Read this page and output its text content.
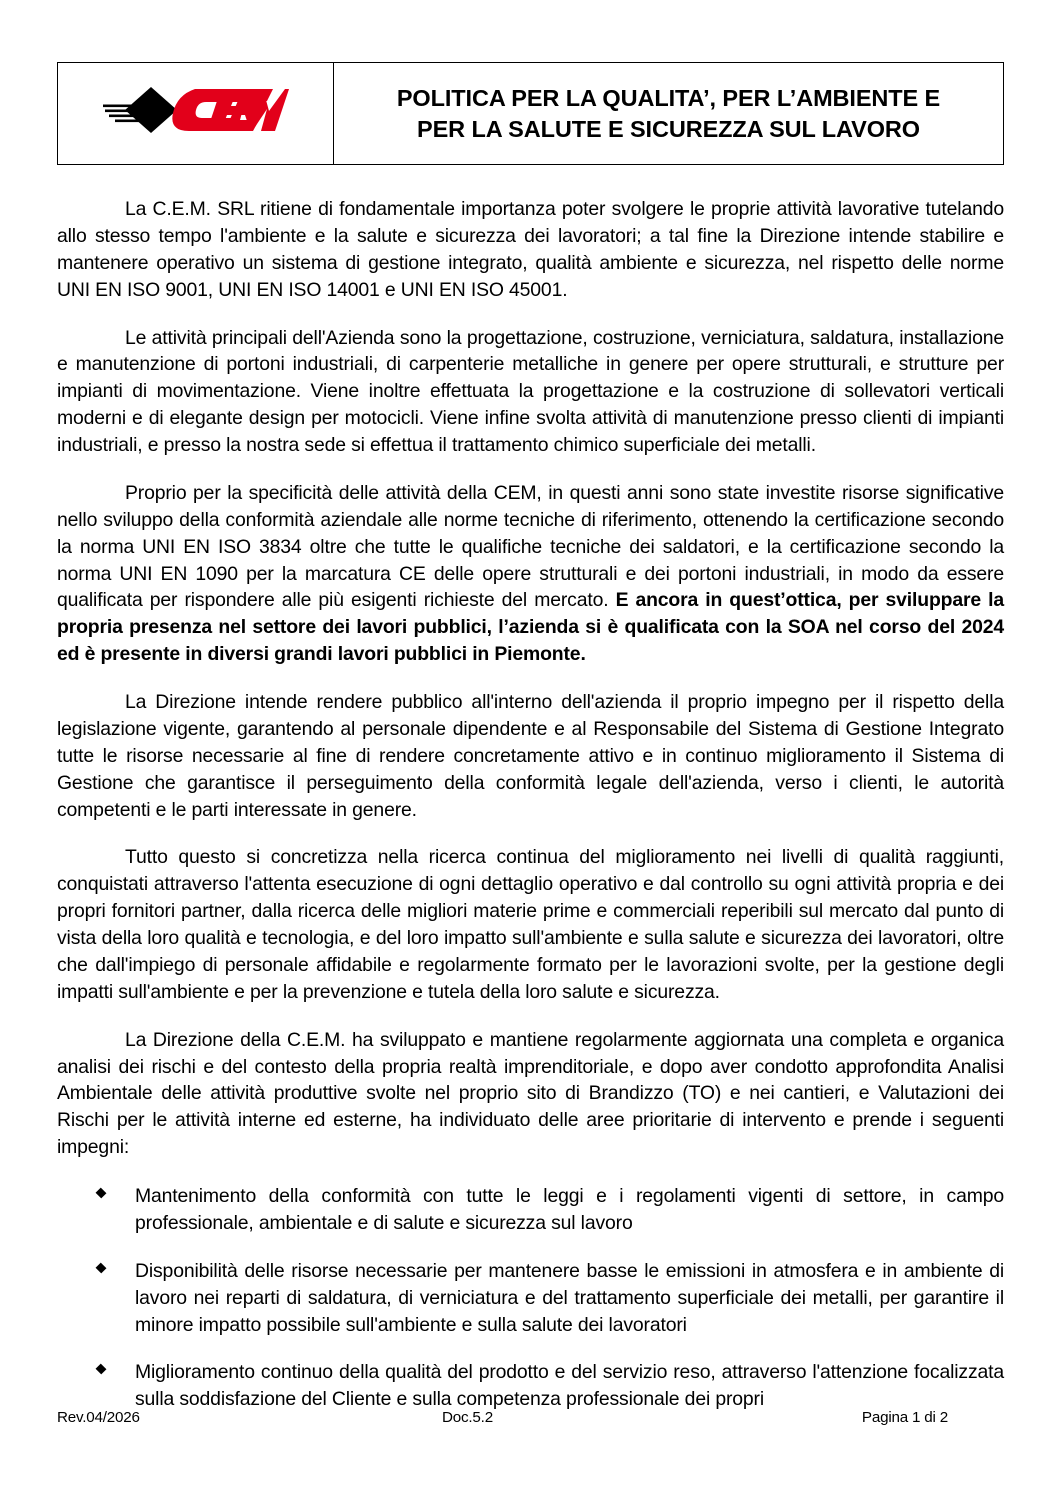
POLITICA PER LA QUALITA’, PER L’AMBIENTE E
PER LA SALUTE E SICUREZZA SUL LAVORO

La C.E.M. SRL ritiene di fondamentale importanza poter svolgere le proprie attività lavorative tutelando allo stesso tempo l'ambiente e la salute e sicurezza dei lavoratori; a tal fine la Direzione intende stabilire e mantenere operativo un sistema di gestione integrato, qualità ambiente e sicurezza, nel rispetto delle norme UNI EN ISO 9001, UNI EN ISO 14001 e UNI EN ISO 45001.

Le attività principali dell'Azienda sono la progettazione, costruzione, verniciatura, saldatura, installazione e manutenzione di portoni industriali, di carpenterie metalliche in genere per opere strutturali, e strutture per impianti di movimentazione. Viene inoltre effettuata la progettazione e la costruzione di sollevatori verticali moderni e di elegante design per motocicli. Viene infine svolta attività di manutenzione presso clienti di impianti industriali, e presso la nostra sede si effettua il trattamento chimico superficiale dei metalli.

Proprio per la specificità delle attività della CEM, in questi anni sono state investite risorse significative nello sviluppo della conformità aziendale alle norme tecniche di riferimento, ottenendo la certificazione secondo la norma UNI EN ISO 3834 oltre che tutte le qualifiche tecniche dei saldatori, e la certificazione secondo la norma UNI EN 1090 per la marcatura CE delle opere strutturali e dei portoni industriali, in modo da essere qualificata per rispondere alle più esigenti richieste del mercato. E ancora in quest’ottica, per sviluppare la propria presenza nel settore dei lavori pubblici, l’azienda si è qualificata con la SOA nel corso del 2024 ed è presente in diversi grandi lavori pubblici in Piemonte.

La Direzione intende rendere pubblico all'interno dell'azienda il proprio impegno per il rispetto della legislazione vigente, garantendo al personale dipendente e al Responsabile del Sistema di Gestione Integrato tutte le risorse necessarie al fine di rendere concretamente attivo e in continuo miglioramento il Sistema di Gestione che garantisce il perseguimento della conformità legale dell'azienda, verso i clienti, le autorità competenti e le parti interessate in genere.

Tutto questo si concretizza nella ricerca continua del miglioramento nei livelli di qualità raggiunti, conquistati attraverso l'attenta esecuzione di ogni dettaglio operativo e dal controllo su ogni attività propria e dei propri fornitori partner, dalla ricerca delle migliori materie prime e commerciali reperibili sul mercato dal punto di vista della loro qualità e tecnologia, e del loro impatto sull'ambiente e sulla salute e sicurezza dei lavoratori, oltre che dall'impiego di personale affidabile e regolarmente formato per le lavorazioni svolte, per la gestione degli impatti sull'ambiente e per la prevenzione e tutela della loro salute e sicurezza.

La Direzione della C.E.M. ha sviluppato e mantiene regolarmente aggiornata una completa e organica analisi dei rischi e del contesto della propria realtà imprenditoriale, e dopo aver condotto approfondita Analisi Ambientale delle attività produttive svolte nel proprio sito di Brandizzo (TO) e nei cantieri, e Valutazioni dei Rischi per le attività interne ed esterne, ha individuato delle aree prioritarie di intervento e prende i seguenti impegni:

Mantenimento della conformità con tutte le leggi e i regolamenti vigenti di settore, in campo professionale, ambientale e di salute e sicurezza sul lavoro
Disponibilità delle risorse necessarie per mantenere basse le emissioni in atmosfera e in ambiente di lavoro nei reparti di saldatura, di verniciatura e del trattamento superficiale dei metalli, per garantire il minore impatto possibile sull'ambiente e sulla salute dei lavoratori
Miglioramento continuo della qualità del prodotto e del servizio reso, attraverso l'attenzione focalizzata sulla soddisfazione del Cliente e sulla competenza professionale dei propri
Rev.04/2026	Doc.5.2	Pagina 1 di 2
